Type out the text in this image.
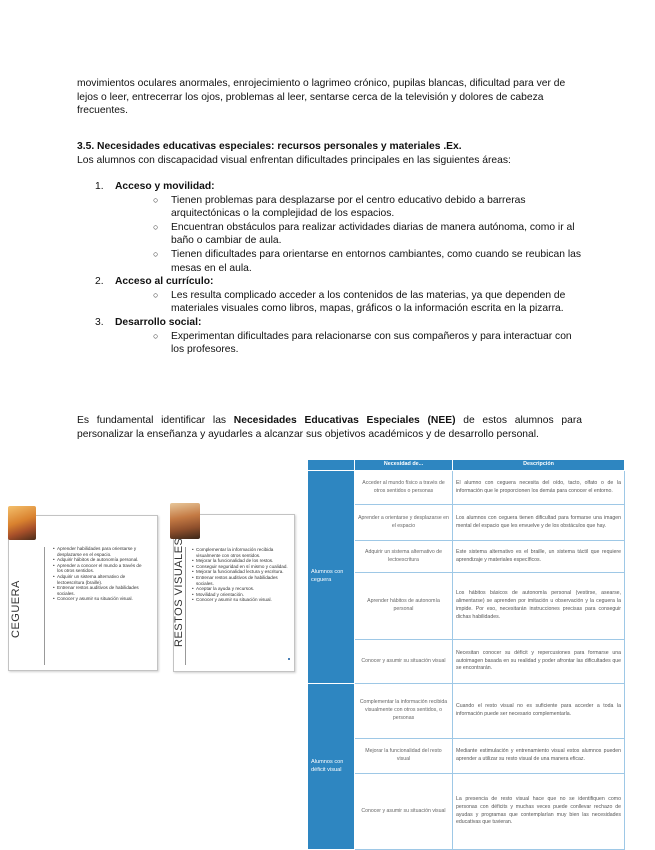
movimientos oculares anormales, enrojecimiento o lagrimeo crónico, pupilas blancas, dificultad para ver de lejos o leer, entrecerrar los ojos, problemas al leer, sentarse cerca de la televisión y dolores de cabeza frecuentes.

3.5. Necesidades educativas especiales: recursos personales y materiales .Ex.

Los alumnos con discapacidad visual enfrentan dificultades principales en las siguientes áreas:

1. Acceso y movilidad:
○ Tienen problemas para desplazarse por el centro educativo debido a barreras arquitectónicas o la complejidad de los espacios.
○ Encuentran obstáculos para realizar actividades diarias de manera autónoma, como ir al baño o cambiar de aula.
○ Tienen dificultades para orientarse en entornos cambiantes, como cuando se reubican las mesas en el aula.
2. Acceso al currículo:
○ Les resulta complicado acceder a los contenidos de las materias, ya que dependen de materiales visuales como libros, mapas, gráficos o la información escrita en la pizarra.
3. Desarrollo social:
○ Experimentan dificultades para relacionarse con sus compañeros y para interactuar con los profesores.

Es fundamental identificar las Necesidades Educativas Especiales (NEE) de estos alumnos para personalizar la enseñanza y ayudarles a alcanzar sus objetivos académicos y de desarrollo personal.

CEGUERA
• Aprender habilidades para orientarse y desplazarse en el espacio.
• Adquirir hábitos de autonomía personal.
• Aprender a conocer el mundo a través de los otros sentidos.
• Adquirir un sistema alternativo de lectoescritura (braille).
• Entrenar restos auditivos de habilidades sociales.
• Conocer y asumir su situación visual.	RESTOS VISUALES	• Complementar la información recibida visualmente con otros sentidos.
• Mejorar la funcionalidad de los restos.
• Conseguir seguridad en sí mismo y cualidad.
• Mejorar la funcionalidad lectura y escritura.
• Entrenar restos auditivos de habilidades sociales.
• Aceptar la ayuda y recursos.
• Movilidad y orientación.
• Conocer y asumir su situación visual.
	Necesidad de...	Descripción
Alumnos con ceguera	Acceder al mundo físico a través de otros sentidos o personas	El alumno con ceguera necesita del oído, tacto, olfato o de la información que le proporcionen los demás para conocer el entorno.
	Aprender a orientarse y desplazarse en el espacio	Los alumnos con ceguera tienen dificultad para formarse una imagen mental del espacio que les envuelve y de los obstáculos que hay.
	Adquirir un sistema alternativo de lectoescritura	Este sistema alternativo es el braille, un sistema táctil que requiere aprendizaje y materiales específicos.
	Aprender hábitos de autonomía personal	Los hábitos básicos de autonomía personal (vestirse, asearse, alimentarse) se aprenden por imitación u observación y la ceguera la impide. Por eso, necesitarán instrucciones precisas para conseguir dichas habilidades.
	Conocer y asumir su situación visual	Necesitan conocer su déficit y repercusiones para formarse una autoimagen basada en su realidad y poder afrontar las dificultades que se encontrarán.
Alumnos con déficit visual	Complementar la información recibida visualmente con otros sentidos, o personas	Cuando el resto visual no es suficiente para acceder a toda la información puede ser necesario complementarla.
	Mejorar la funcionalidad del resto visual	Mediante estimulación y entrenamiento visual estos alumnos pueden aprender a utilizar su resto visual de una manera eficaz.
	Conocer y asumir su situación visual	La presencia de resto visual hace que no se identifiquen como personas con déficits y muchas veces puede conllevar rechazo de ayudas y programas que contemplarían muy bien las necesidades educativas que tuvieran.
